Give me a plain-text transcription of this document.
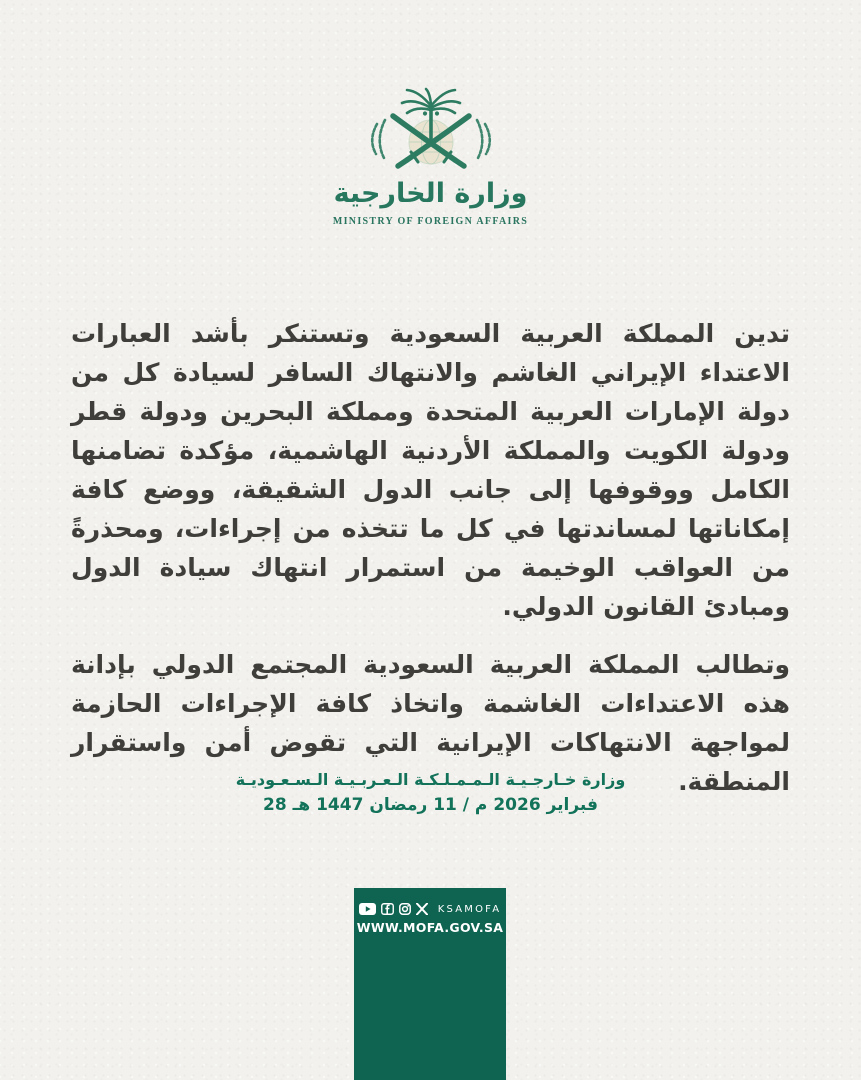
وزارة الخارجية
MINISTRY OF FOREIGN AFFAIRS

تدين المملكة العربية السعودية وتستنكر بأشد العبارات الاعتداء الإيراني الغاشم والانتهاك السافر لسيادة كل من دولة الإمارات العربية المتحدة ومملكة البحرين ودولة قطر ودولة الكويت والمملكة الأردنية الهاشمية، مؤكدة تضامنها الكامل ووقوفها إلى جانب الدول الشقيقة، ووضع كافة إمكاناتها لمساندتها في كل ما تتخذه من إجراءات، ومحذرةً من العواقب الوخيمة من استمرار انتهاك سيادة الدول ومبادئ القانون الدولي.

وتطالب المملكة العربية السعودية المجتمع الدولي بإدانة هذه الاعتداءات الغاشمة واتخاذ كافة الإجراءات الحازمة لمواجهة الانتهاكات الإيرانية التي تقوض أمن واستقرار المنطقة.

وزارة خـارجـيـة الـمـمـلـكـة الـعـربـيـة الـسـعـوديـة
28 فبراير 2026 م / 11 رمضان 1447 هـ
KSAMOFA
WWW.MOFA.GOV.SA
